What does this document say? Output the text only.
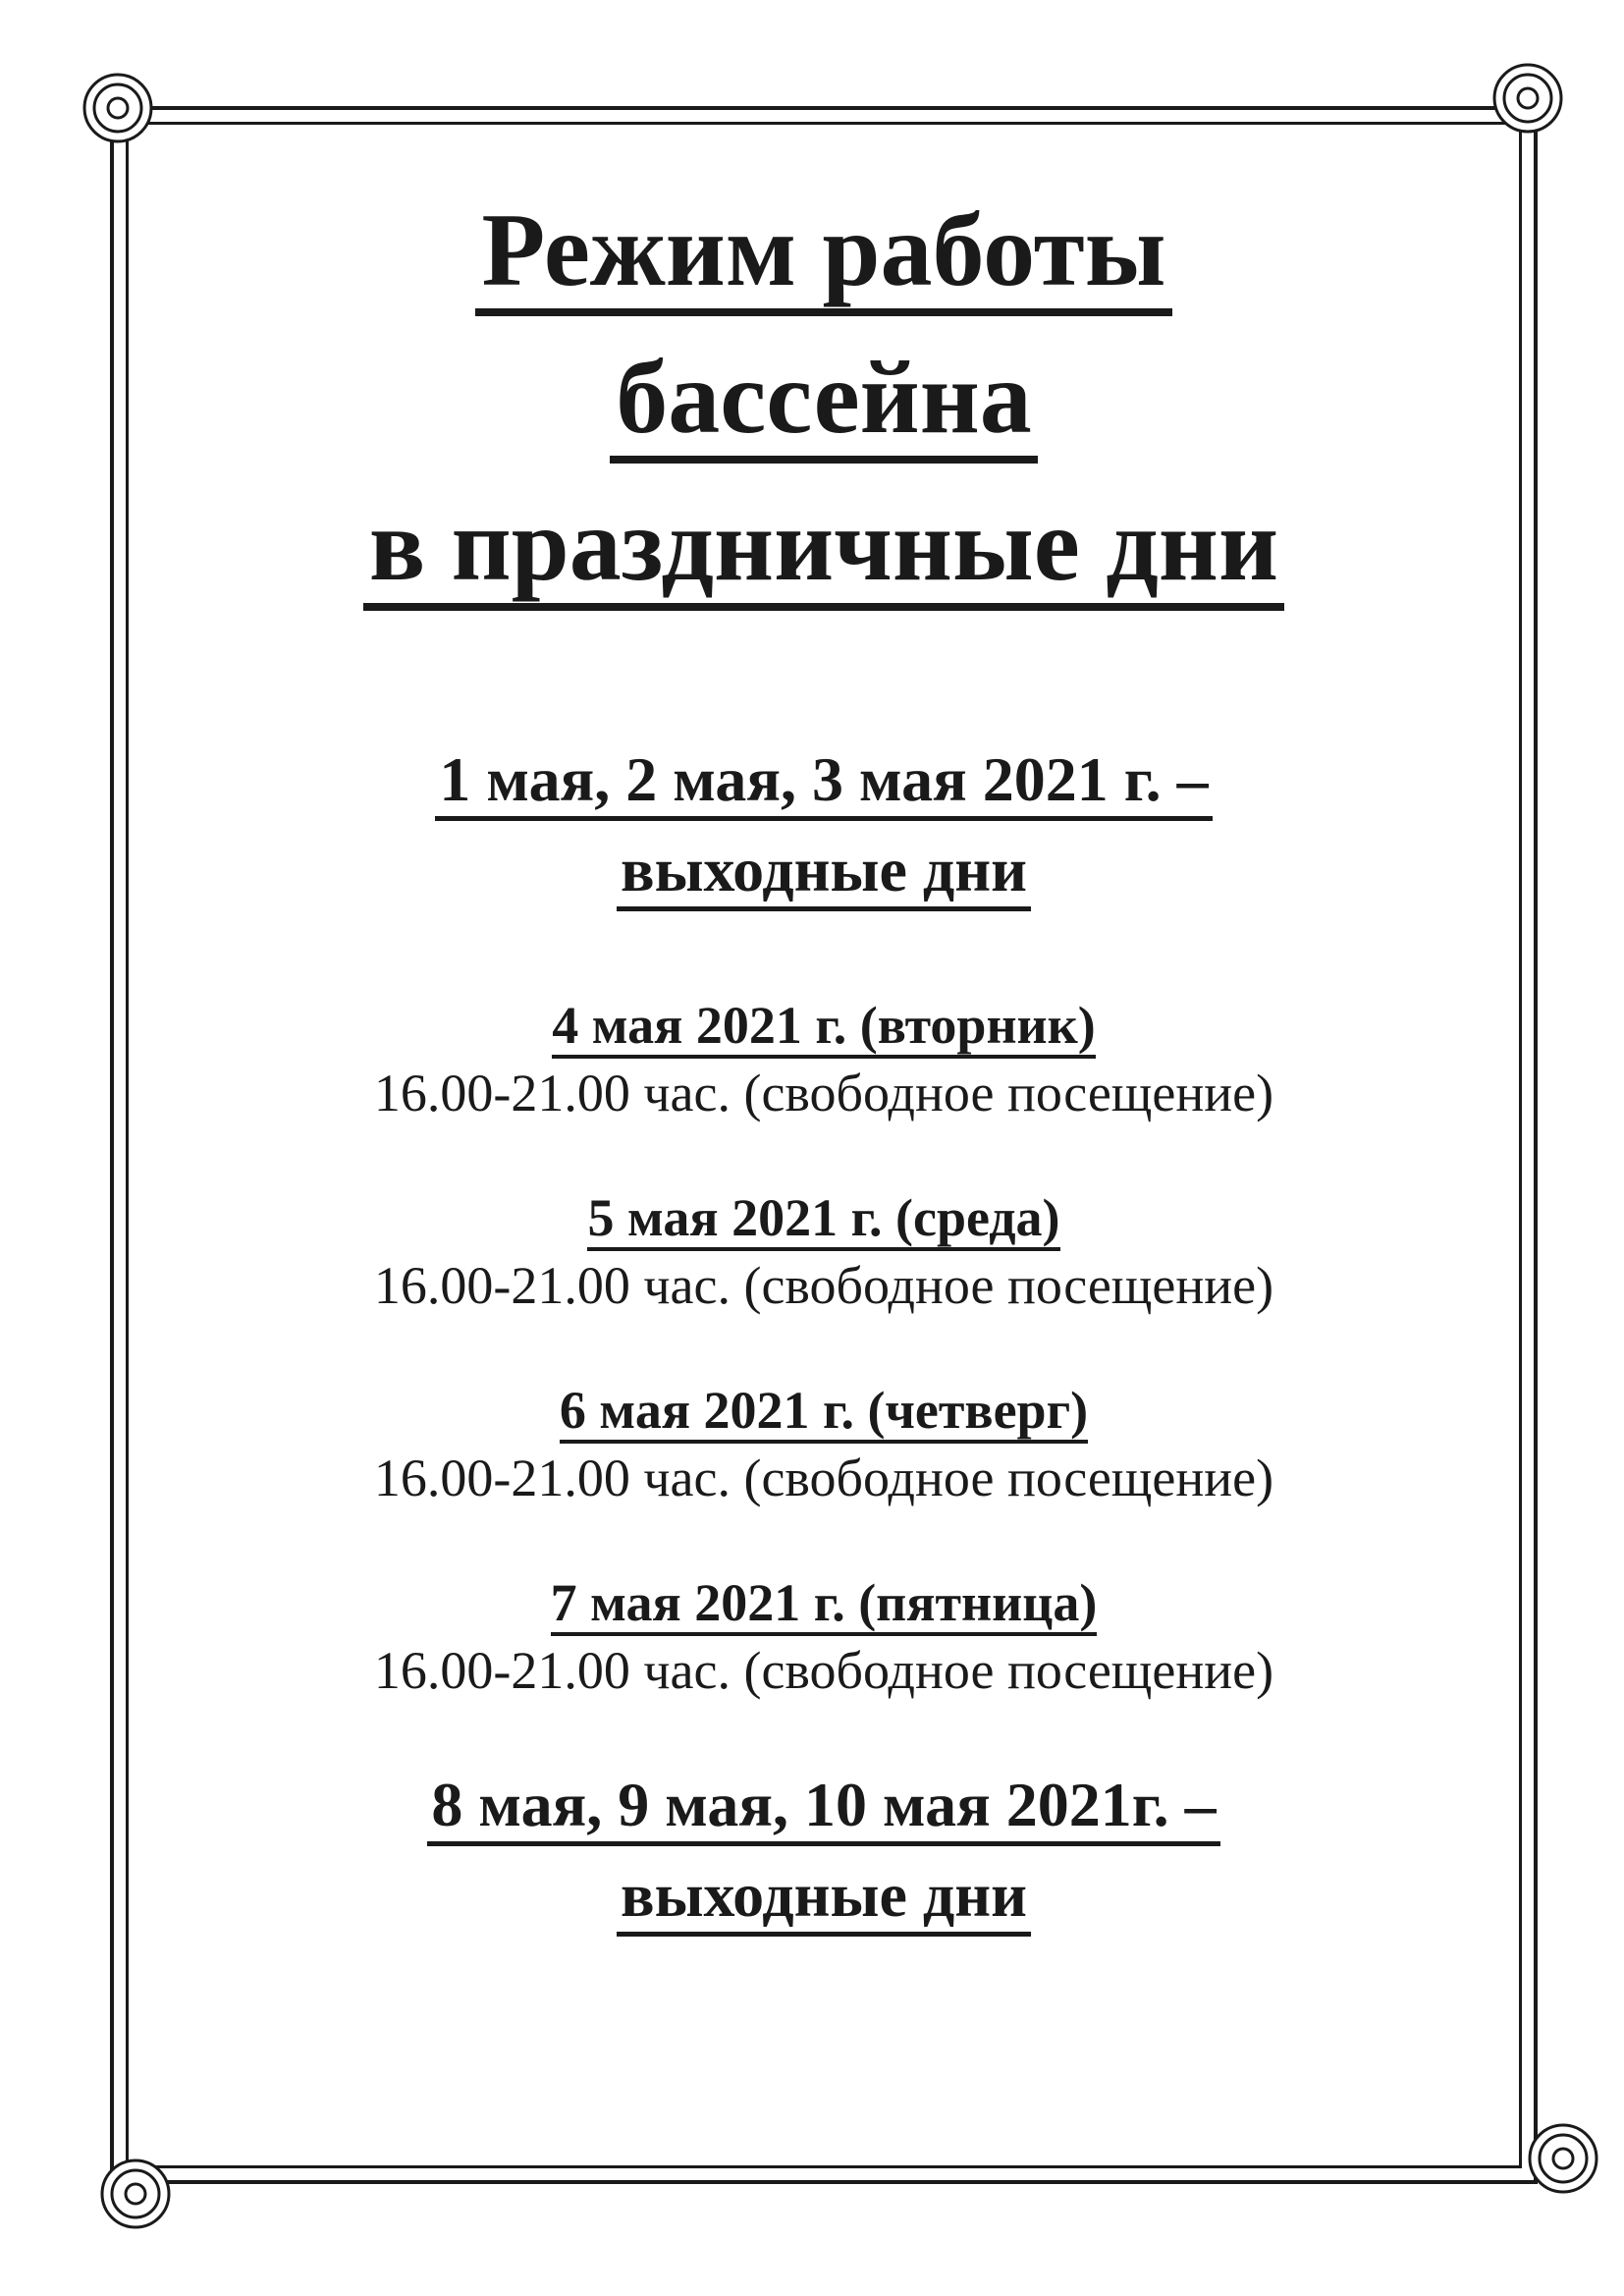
Режим работы
бассейна
в праздничные дни
1 мая, 2 мая, 3 мая 2021 г. –
выходные дни
4 мая 2021 г. (вторник)
16.00-21.00 час. (свободное посещение)
5 мая 2021 г. (среда)
16.00-21.00 час. (свободное посещение)
6 мая 2021 г. (четверг)
16.00-21.00 час. (свободное посещение)
7 мая 2021 г. (пятница)
16.00-21.00 час. (свободное посещение)
8 мая, 9 мая, 10 мая 2021г. –
выходные дни
